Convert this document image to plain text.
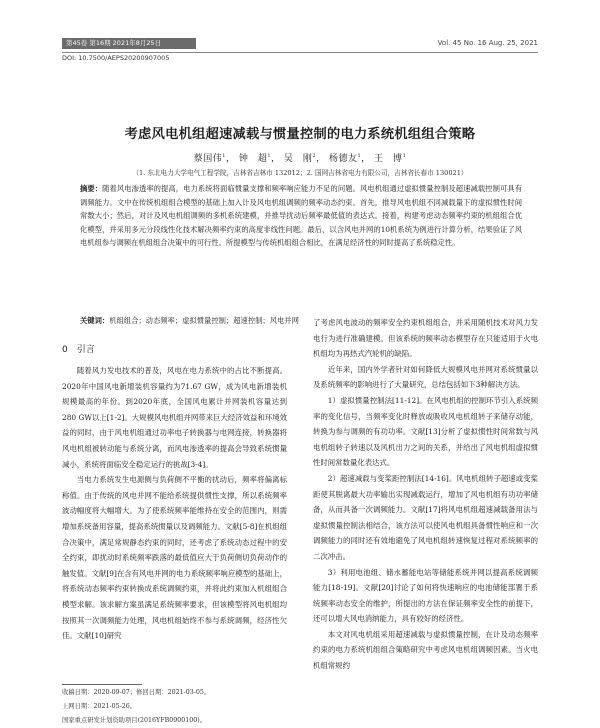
第45卷 第16期 2021年8月25日	Vol. 45 No. 16 Aug. 25, 2021
DOI: 10.7500/AEPS20200907005
考虑风电机组超速减载与惯量控制的电力系统机组组合策略
蔡国伟$^1$， 钟　超$^1$， 吴　刚$^2$， 杨德友$^1$， 王　博$^1$
（1. 东北电力大学电气工程学院，吉林省吉林市 132012；2. 国网吉林省电力有限公司，吉林省长春市 130021）
摘要：随着风电渗透率的提高，电力系统将面临惯量支撑和频率响应能力不足的问题。风电机组通过虚拟惯量控制及超速减载控制可具有调频能力。文中在传统机组组合模型的基础上加入计及风电机组调频的频率动态约束。首先，推导风电机组不同减载量下的虚拟惯性时间常数大小；然后，对计及风电机组调频的多机系统建模，并推导扰动后频率最低值的表达式。接着，构建考虑动态频率约束的机组组合优化模型，并采用多元分段线性化技术解决频率约束的高度非线性问题。最后，以含风电并网的10机系统为例进行计算分析，结果验证了风电机组参与调频在机组组合决策中的可行性。所提模型与传统机组组合相比，在满足经济性的同时提高了系统稳定性。
关键词：机组组合；动态频率；虚拟惯量控制；超速控制；风电并网
0　引言

随着风力发电技术的普及，风电在电力系统中的占比不断提高。2020年中国风电新增装机容量约为71.67 GW，成为风电新增装机规模最高的年份。到2020年底，全国风电累计并网装机容量达到280 GW以上[1-2]。大规模风电机组并网带来巨大经济效益和环境效益的同时，由于风电机组通过功率电子转换器与电网连接，转换器将风电机组被转动能与系统分离，而风电渗透率的提高会导致系统惯量减小，系统将面临安全稳定运行的挑战[3-4]。

当电力系统发生电源侧与负荷侧不平衡的扰动后，频率将偏离标称值。由于传统的风电并网不能给系统提供惯性支撑，所以系统频率波动幅度将大幅增大。为了使系统频率能维持在安全的范围内，则需增加系统备用容量，提高系统惯量以及调频能力。文献[5-8]在机组组合决策中，满足常规静态约束的同时，还考虑了系统动态过程中的安全约束，即扰动时系统频率跌落的最低值应大于负荷侧切负荷动作的触发值。文献[9]在含有风电并网的电力系统频率响应模型的基础上，将系统动态频率约束转换成系统调频约束，并将此约束加入机组组合模型求解。该求解方案虽满足系统频率要求，但该模型将风电机组均按照其一次调频能力处理，风电机组始终不参与系统调频，经济性欠佳。文献[10]研究

了考虑风电波动的频率安全约束机组组合，并采用随机技术对风力发电行为进行准确建模。但该系统的频率动态模型存在只能适用于火电机组均为再热式汽轮机的缺陷。

近年来，国内外学者针对如何降低大规模风电并网对系统惯量以及系统频率的影响进行了大量研究，总结包括如下3种解决方法。

1）虚拟惯量控制法[11-12]。在风电机组的控制环节引入系统频率的变化信号，当频率变化时释放或吸收风电机组转子来储存动能，转换为参与调频的有功功率。文献[13]分析了虚拟惯性时间常数与风电机组转子转速以及风机出力之间的关系，并给出了风电机组虚拟惯性时间常数量化表达式。

2）超速减载与变桨距控制法[14-16]。风电机组转子超速或变桨距使其脱离最大功率输出实现减载运行，增加了风电机组有功功率储备，从而具备一次调频能力。文献[17]将风电机组超速减载备用法与虚拟惯量控制法相结合，该方法可以使风电机组具备惯性响应和一次调频能力的同时还有效地避免了风电机组转速恢复过程对系统频率的二次冲击。

3）利用电池组、储水蓄能电站等储能系统并网以提高系统调频能力[18-19]。文献[20]讨论了如何将快速响应的电池储能部署于系统频率动态安全的维护，所提出的方法在保证频率安全性的前提下，还可以增大风电消纳能力，具有较好的经济性。

本文对风电机组采用超速减载与虚拟惯量控制，在计及动态频率约束的电力系统机组组合策略研究中考虑风电机组调频因素。当火电机组常规约

收稿日期：2020-09-07；修回日期：2021-03-05。
上网日期：2021-05-26。
国家重点研发计划资助项目(2016YFB0900100)。
